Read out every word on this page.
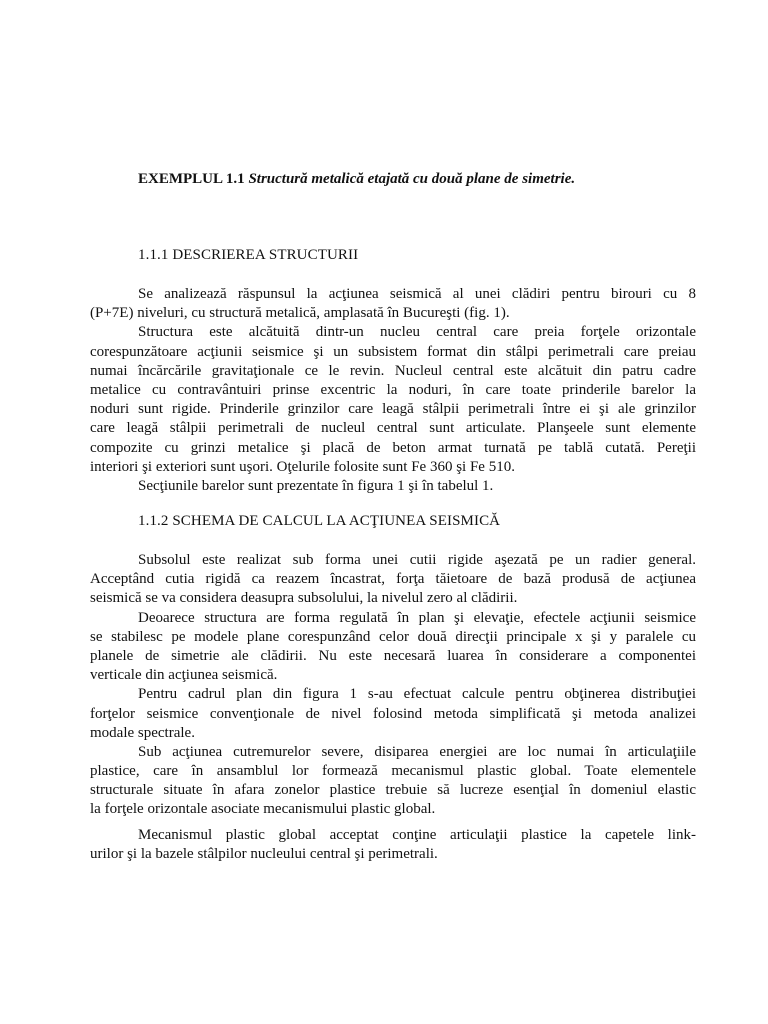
EXEMPLUL 1.1 Structură metalică etajată cu două plane de simetrie.
1.1.1 DESCRIEREA STRUCTURII
Se analizează răspunsul la acţiunea seismică al unei clădiri pentru birouri cu 8
(P+7E) niveluri, cu structură metalică, amplasată în Bucureşti (fig. 1).
Structura este alcătuită dintr-un nucleu central care preia forţele orizontale
corespunzătoare acţiunii seismice şi un subsistem format din stâlpi perimetrali care preiau
numai încărcările gravitaţionale ce le revin. Nucleul central este alcătuit din patru cadre
metalice cu contravântuiri prinse excentric la noduri, în care toate prinderile barelor la
noduri sunt rigide. Prinderile grinzilor care leagă stâlpii perimetrali între ei şi ale grinzilor
care leagă stâlpii perimetrali de nucleul central sunt articulate. Planşeele sunt elemente
compozite cu grinzi metalice şi placă de beton armat turnată pe tablă cutată. Pereţii
interiori şi exteriori sunt uşori. Oţelurile folosite sunt Fe 360 şi Fe 510.
Secţiunile barelor sunt prezentate în figura 1 şi în tabelul 1.
1.1.2 SCHEMA DE CALCUL LA ACŢIUNEA SEISMICĂ
Subsolul este realizat sub forma unei cutii rigide aşezată pe un radier general.
Acceptând cutia rigidă ca reazem încastrat, forţa tăietoare de bază produsă de acţiunea
seismică se va considera deasupra subsolului, la nivelul zero al clădirii.
Deoarece structura are forma regulată în plan şi elevaţie, efectele acţiunii seismice
se stabilesc pe modele plane corespunzând celor două direcţii principale x şi y paralele cu
planele de simetrie ale clădirii. Nu este necesară luarea în considerare a componentei
verticale din acţiunea seismică.
Pentru cadrul plan din figura 1 s-au efectuat calcule pentru obţinerea distribuţiei
forţelor seismice convenţionale de nivel folosind metoda simplificată şi metoda analizei
modale spectrale.
Sub acţiunea cutremurelor severe, disiparea energiei are loc numai în articulaţiile
plastice, care în ansamblul lor formează mecanismul plastic global. Toate elementele
structurale situate în afara zonelor plastice trebuie să lucreze esenţial în domeniul elastic
la forţele orizontale asociate mecanismului plastic global.
Mecanismul plastic global acceptat conţine articulaţii plastice la capetele link-
urilor şi la bazele stâlpilor nucleului central şi perimetrali.
